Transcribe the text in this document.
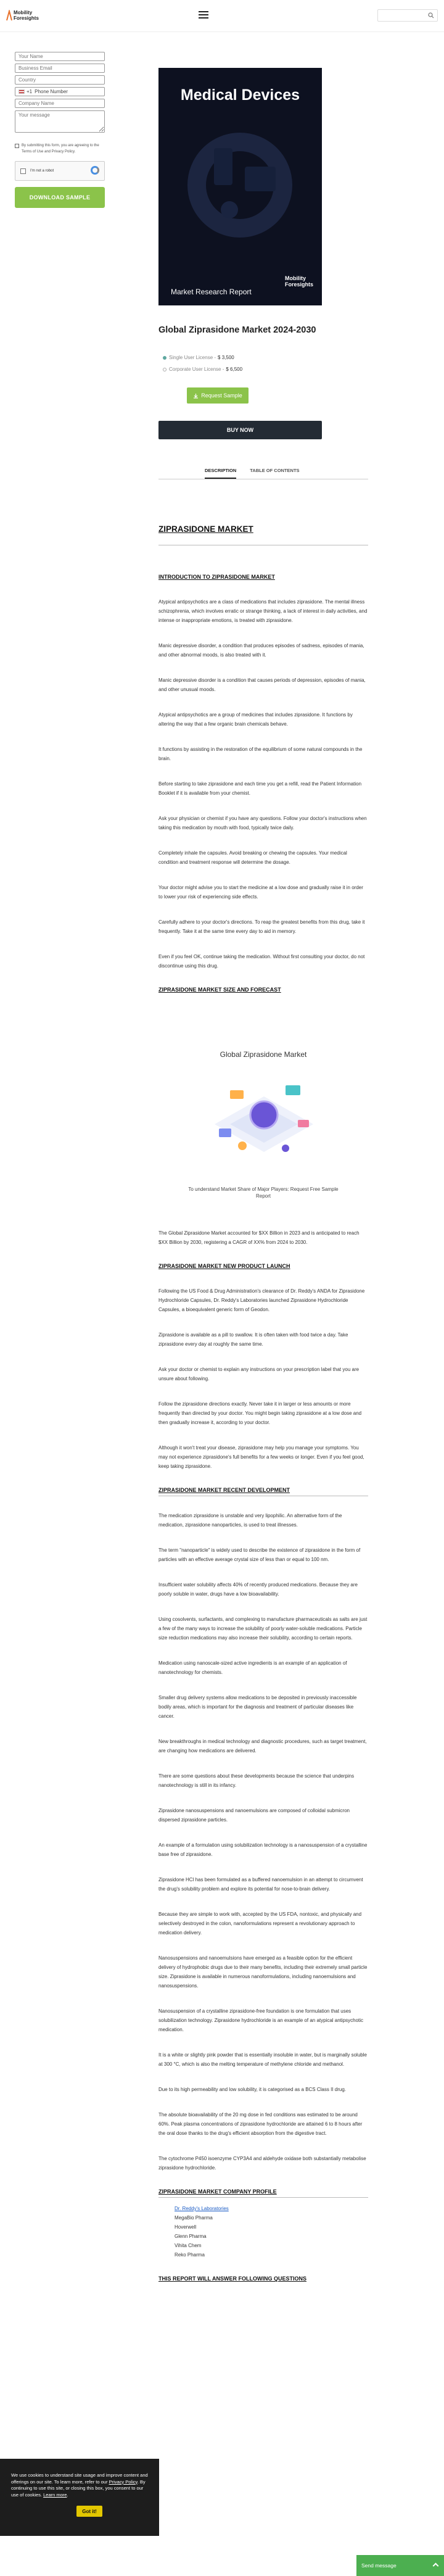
Mobility
Foresights
Your Name Business Email Country
+1 Phone Number
Company Name Your message
By submitting this form, you are agreeing to the Terms of Use and Privacy Policy.
I'm not a robot
DOWNLOAD SAMPLE
Medical Devices
Mobility
Foresights
Market Research Report
Global Ziprasidone Market 2024-2030
Single User License - $ 3,500
Corporate User License - $ 6,500
Request Sample
BUY NOW
DESCRIPTION	TABLE OF CONTENTS
ZIPRASIDONE MARKET
INTRODUCTION TO ZIPRASIDONE MARKET

Atypical antipsychotics are a class of medications that includes ziprasidone. The mental illness schizophrenia, which involves erratic or strange thinking, a lack of interest in daily activities, and intense or inappropriate emotions, is treated with ziprasidone.

Manic depressive disorder, a condition that produces episodes of sadness, episodes of mania, and other abnormal moods, is also treated with it.

Manic depressive disorder is a condition that causes periods of depression, episodes of mania, and other unusual moods.

Atypical antipsychotics are a group of medicines that includes ziprasidone. It functions by altering the way that a few organic brain chemicals behave.

It functions by assisting in the restoration of the equilibrium of some natural compounds in the brain.

Before starting to take ziprasidone and each time you get a refill, read the Patient Information Booklet if it is available from your chemist.

Ask your physician or chemist if you have any questions. Follow your doctor's instructions when taking this medication by mouth with food, typically twice daily.

Completely inhale the capsules. Avoid breaking or chewing the capsules. Your medical condition and treatment response will determine the dosage.

Your doctor might advise you to start the medicine at a low dose and gradually raise it in order to lower your risk of experiencing side effects.

Carefully adhere to your doctor's directions. To reap the greatest benefits from this drug, take it frequently. Take it at the same time every day to aid in memory.

Even if you feel OK, continue taking the medication. Without first consulting your doctor, do not discontinue using this drug.

ZIPRASIDONE MARKET SIZE AND FORECAST
Global Ziprasidone Market
To understand Market Share of Major Players: Request Free Sample Report

The Global Ziprasidone Market accounted for $XX Billion in 2023 and is anticipated to reach $XX Billion by 2030, registering a CAGR of XX% from 2024 to 2030.

ZIPRASIDONE MARKET NEW PRODUCT LAUNCH

Following the US Food & Drug Administration's clearance of Dr. Reddy's ANDA for Ziprasidone Hydrochloride Capsules, Dr. Reddy's Laboratories launched Ziprasidone Hydrochloride Capsules, a bioequivalent generic form of Geodon.

Ziprasidone is available as a pill to swallow. It is often taken with food twice a day. Take ziprasidone every day at roughly the same time.

Ask your doctor or chemist to explain any instructions on your prescription label that you are unsure about following.

Follow the ziprasidone directions exactly. Never take it in larger or less amounts or more frequently than directed by your doctor. You might begin taking ziprasidone at a low dose and then gradually increase it, according to your doctor.

Although it won't treat your disease, ziprasidone may help you manage your symptoms. You may not experience ziprasidone's full benefits for a few weeks or longer. Even if you feel good, keep taking ziprasidone.

ZIPRASIDONE MARKET RECENT DEVELOPMENT

The medication ziprasidone is unstable and very lipophilic. An alternative form of the medication, ziprasidone nanoparticles, is used to treat illnesses.

The term "nanoparticle" is widely used to describe the existence of ziprasidone in the form of particles with an effective average crystal size of less than or equal to 100 nm.

Insufficient water solubility affects 40% of recently produced medications. Because they are poorly soluble in water, drugs have a low bioavailability.

Using cosolvents, surfactants, and complexing to manufacture pharmaceuticals as salts are just a few of the many ways to increase the solubility of poorly water-soluble medications. Particle size reduction medications may also increase their solubility, according to certain reports.

Medication using nanoscale-sized active ingredients is an example of an application of nanotechnology for chemists.

Smaller drug delivery systems allow medications to be deposited in previously inaccessible bodily areas, which is important for the diagnosis and treatment of particular diseases like cancer.

New breakthroughs in medical technology and diagnostic procedures, such as target treatment, are changing how medications are delivered.

There are some questions about these developments because the science that underpins nanotechnology is still in its infancy.

Ziprasidone nanosuspensions and nanoemulsions are composed of colloidal submicron dispersed ziprasidone particles.

An example of a formulation using solubilization technology is a nanosuspension of a crystalline base free of ziprasidone.

Ziprasidone HCl has been formulated as a buffered nanoemulsion in an attempt to circumvent the drug's solubility problem and explore its potential for nose-to-brain delivery.

Because they are simple to work with, accepted by the US FDA, nontoxic, and physically and selectively destroyed in the colon, nanoformulations represent a revolutionary approach to medication delivery.

Nanosuspensions and nanoemulsions have emerged as a feasible option for the efficient delivery of hydrophobic drugs due to their many benefits, including their extremely small particle size. Ziprasidone is available in numerous nanoformulations, including nanoemulsions and nanosuspensions.

Nanosuspension of a crystalline ziprasidone-free foundation is one formulation that uses solubilization technology. Ziprasidone hydrochloride is an example of an atypical antipsychotic medication.

It is a white or slightly pink powder that is essentially insoluble in water, but is marginally soluble at 300 °C, which is also the melting temperature of methylene chloride and methanol.

Due to its high permeability and low solubility, it is categorised as a BCS Class II drug.

The absolute bioavailability of the 20 mg dose in fed conditions was estimated to be around 60%. Peak plasma concentrations of ziprasidone hydrochloride are attained 6 to 8 hours after the oral dose thanks to the drug's efficient absorption from the digestive tract.

The cytochrome P450 isoenzyme CYP3A4 and aldehyde oxidase both substantially metabolise ziprasidone hydrochloride.

ZIPRASIDONE MARKET COMPANY PROFILE
Dr. Reddy's Laboratories
MegaBio Pharma
Hoverwell
Glenn Pharma
Vihita Chem
Reko Pharma
THIS REPORT WILL ANSWER FOLLOWING QUESTIONS
We use cookies to understand site usage and improve content and offerings on our site. To learn more, refer to our Privacy Policy. By continuing to use this site, or closing this box, you consent to our use of cookies. Learn more.
Got it!
Send message
